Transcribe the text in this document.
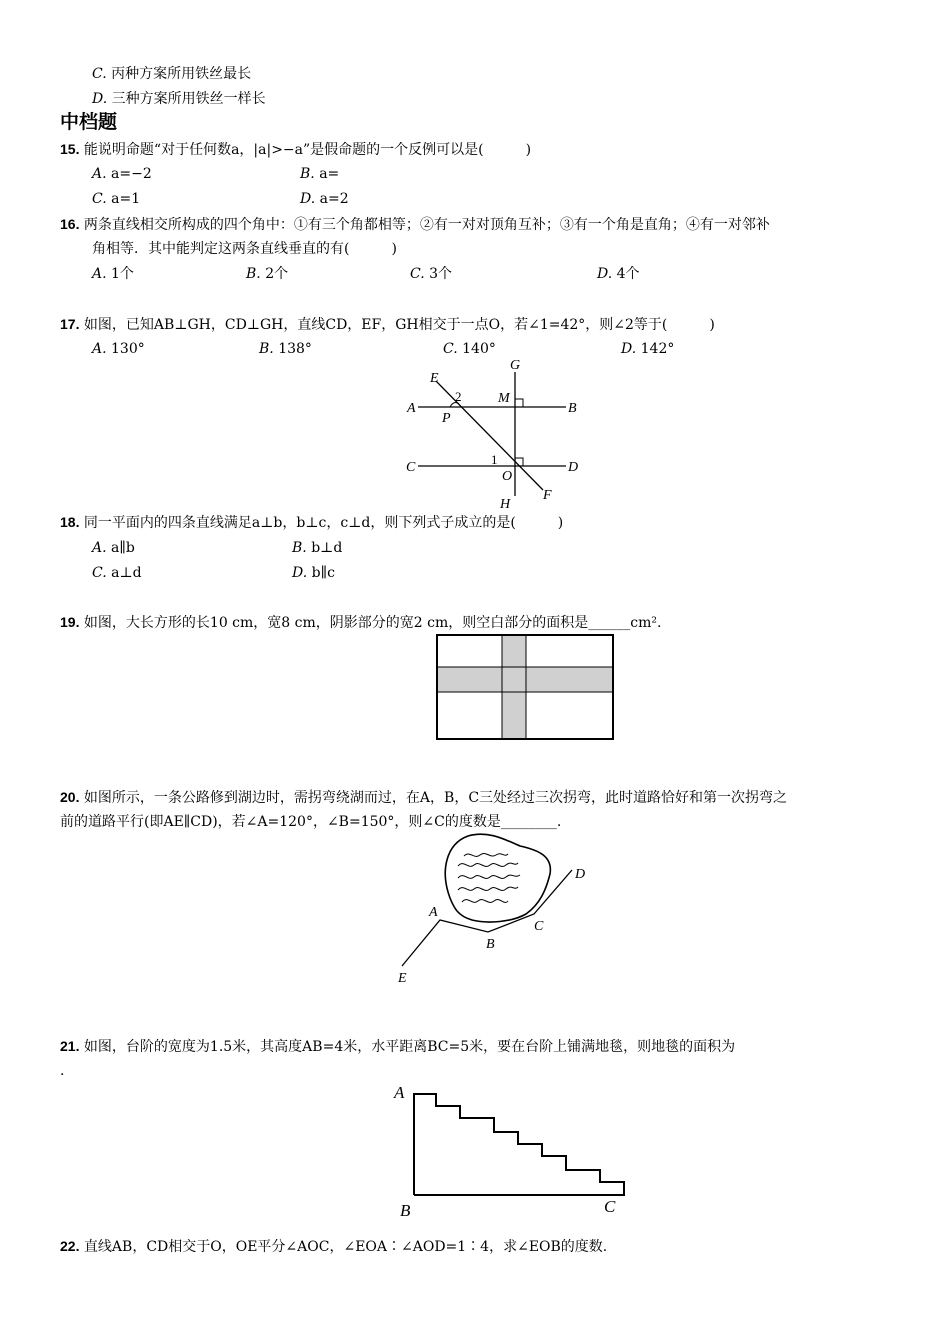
C. 丙种方案所用铁丝最长
D. 三种方案所用铁丝一样长
中档题
15. 能说明命题“对于任何数a，|a|>−a”是假命题的一个反例可以是(　　　)
A. a=−2	B. a=
C. a=1	D. a=2
16. 两条直线相交所构成的四个角中：①有三个角都相等；②有一对对顶角互补；③有一个角是直角；④有一对邻补
角相等．其中能判定这两条直线垂直的有(　　　)
A. 1个	B. 2个	C. 3个	D. 4个
17. 如图，已知AB⊥GH，CD⊥GH，直线CD，EF，GH相交于一点O，若∠1=42°，则∠2等于(　　　)
A. 130°	B. 138°	C. 140°	D. 142°
E
G
2	M
A	B
P
C
1
O
D
H
F
18. 同一平面内的四条直线满足a⊥b，b⊥c，c⊥d，则下列式子成立的是(　　　)
A. a∥b	B. b⊥d
C. a⊥d	D. b∥c
19. 如图，大长方形的长10 cm，宽8 cm，阴影部分的宽2 cm，则空白部分的面积是______cm².
20. 如图所示，一条公路修到湖边时，需拐弯绕湖而过，在A，B，C三处经过三次拐弯，此时道路恰好和第一次拐弯之
前的道路平行(即AE∥CD)，若∠A=120°，∠B=150°，则∠C的度数是________.
A
B
C
D
E
21. 如图，台阶的宽度为1.5米，其高度AB=4米，水平距离BC=5米，要在台阶上铺满地毯，则地毯的面积为
.
A
B	C
22. 直线AB，CD相交于O，OE平分∠AOC，∠EOA∶∠AOD=1∶4，求∠EOB的度数.
